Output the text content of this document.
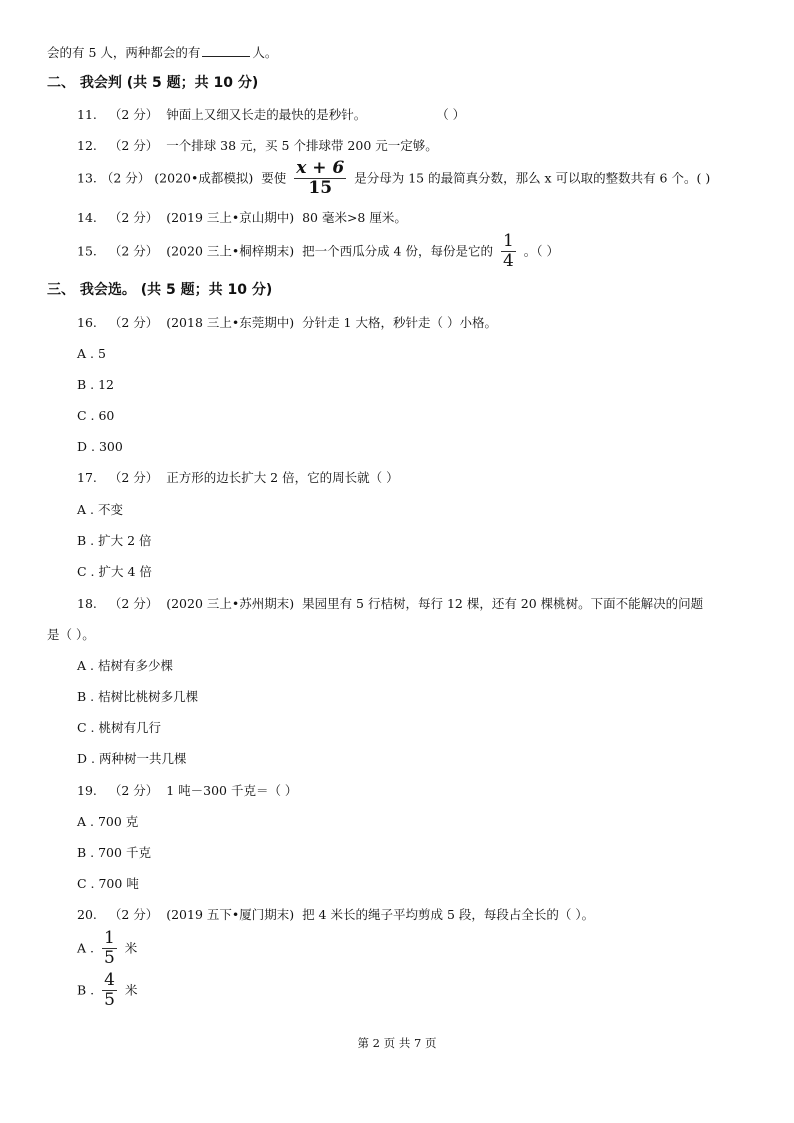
会的有 5 人，两种都会的有	人。
二、 我会判 (共 5 题；共 10 分)
11. （2 分） 钟面上又细又长走的最快的是秒针。	（ ）
12. （2 分） 一个排球 38 元，买 5 个排球带 200 元一定够。
13. （2 分） (2020•成都模拟) 要使 $\frac{x + 6}{15}$ 是分母为 15 的最简真分数，那么 x 可以取的整数共有 6 个。( )
14. （2 分） (2019 三上•京山期中) 80 毫米>8 厘米。
15. （2 分） (2020 三上•桐梓期末) 把一个西瓜分成 4 份，每份是它的 $\frac{1}{4}$ 。（ ）
三、 我会选。 (共 5 题；共 10 分)
16. （2 分） (2018 三上•东莞期中) 分针走 1 大格，秒针走（ ）小格。
A . 5
B . 12
C . 60
D . 300
17. （2 分） 正方形的边长扩大 2 倍，它的周长就（ ）
A . 不变
B . 扩大 2 倍
C . 扩大 4 倍
18. （2 分） (2020 三上•苏州期末) 果园里有 5 行桔树，每行 12 棵，还有 20 棵桃树。下面不能解决的问题
是（ ）。
A . 桔树有多少棵
B . 桔树比桃树多几棵
C . 桃树有几行
D . 两种树一共几棵
19. （2 分） 1 吨－300 千克＝（ ）
A . 700 克
B . 700 千克
C . 700 吨
20. （2 分） (2019 五下•厦门期末) 把 4 米长的绳子平均剪成 5 段，每段占全长的（ ）。
A . $\frac{1}{5}$ 米
B . $\frac{4}{5}$ 米
第 2 页 共 7 页
